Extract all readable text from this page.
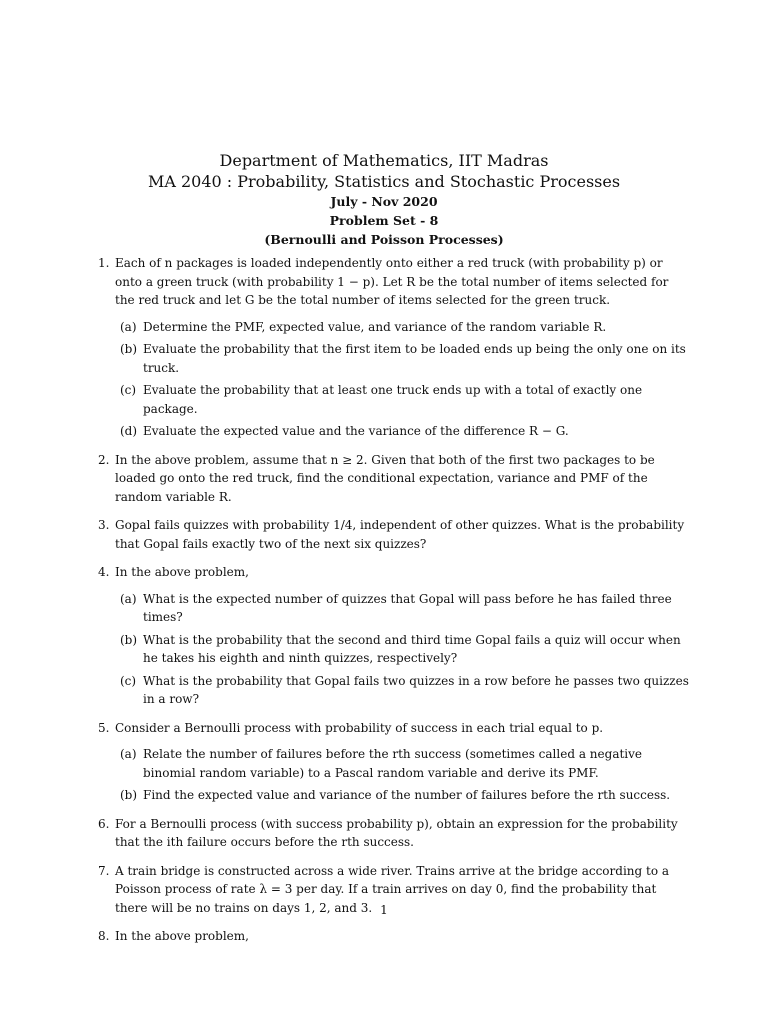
Department of Mathematics, IIT Madras
MA 2040 : Probability, Statistics and Stochastic Processes
July - Nov 2020
Problem Set - 8
(Bernoulli and Poisson Processes)
1. Each of n packages is loaded independently onto either a red truck (with probability p) or onto a green truck (with probability 1 − p). Let R be the total number of items selected for the red truck and let G be the total number of items selected for the green truck.
(a) Determine the PMF, expected value, and variance of the random variable R.
(b) Evaluate the probability that the first item to be loaded ends up being the only one on its truck.
(c) Evaluate the probability that at least one truck ends up with a total of exactly one package.
(d) Evaluate the expected value and the variance of the difference R − G.
2. In the above problem, assume that n ≥ 2. Given that both of the first two packages to be loaded go onto the red truck, find the conditional expectation, variance and PMF of the random variable R.
3. Gopal fails quizzes with probability 1/4, independent of other quizzes. What is the probability that Gopal fails exactly two of the next six quizzes?
4. In the above problem,
(a) What is the expected number of quizzes that Gopal will pass before he has failed three times?
(b) What is the probability that the second and third time Gopal fails a quiz will occur when he takes his eighth and ninth quizzes, respectively?
(c) What is the probability that Gopal fails two quizzes in a row before he passes two quizzes in a row?
5. Consider a Bernoulli process with probability of success in each trial equal to p.
(a) Relate the number of failures before the rth success (sometimes called a negative binomial random variable) to a Pascal random variable and derive its PMF.
(b) Find the expected value and variance of the number of failures before the rth success.
6. For a Bernoulli process (with success probability p), obtain an expression for the probability that the ith failure occurs before the rth success.
7. A train bridge is constructed across a wide river. Trains arrive at the bridge according to a Poisson process of rate λ = 3 per day. If a train arrives on day 0, find the probability that there will be no trains on days 1, 2, and 3.
8. In the above problem,
1
